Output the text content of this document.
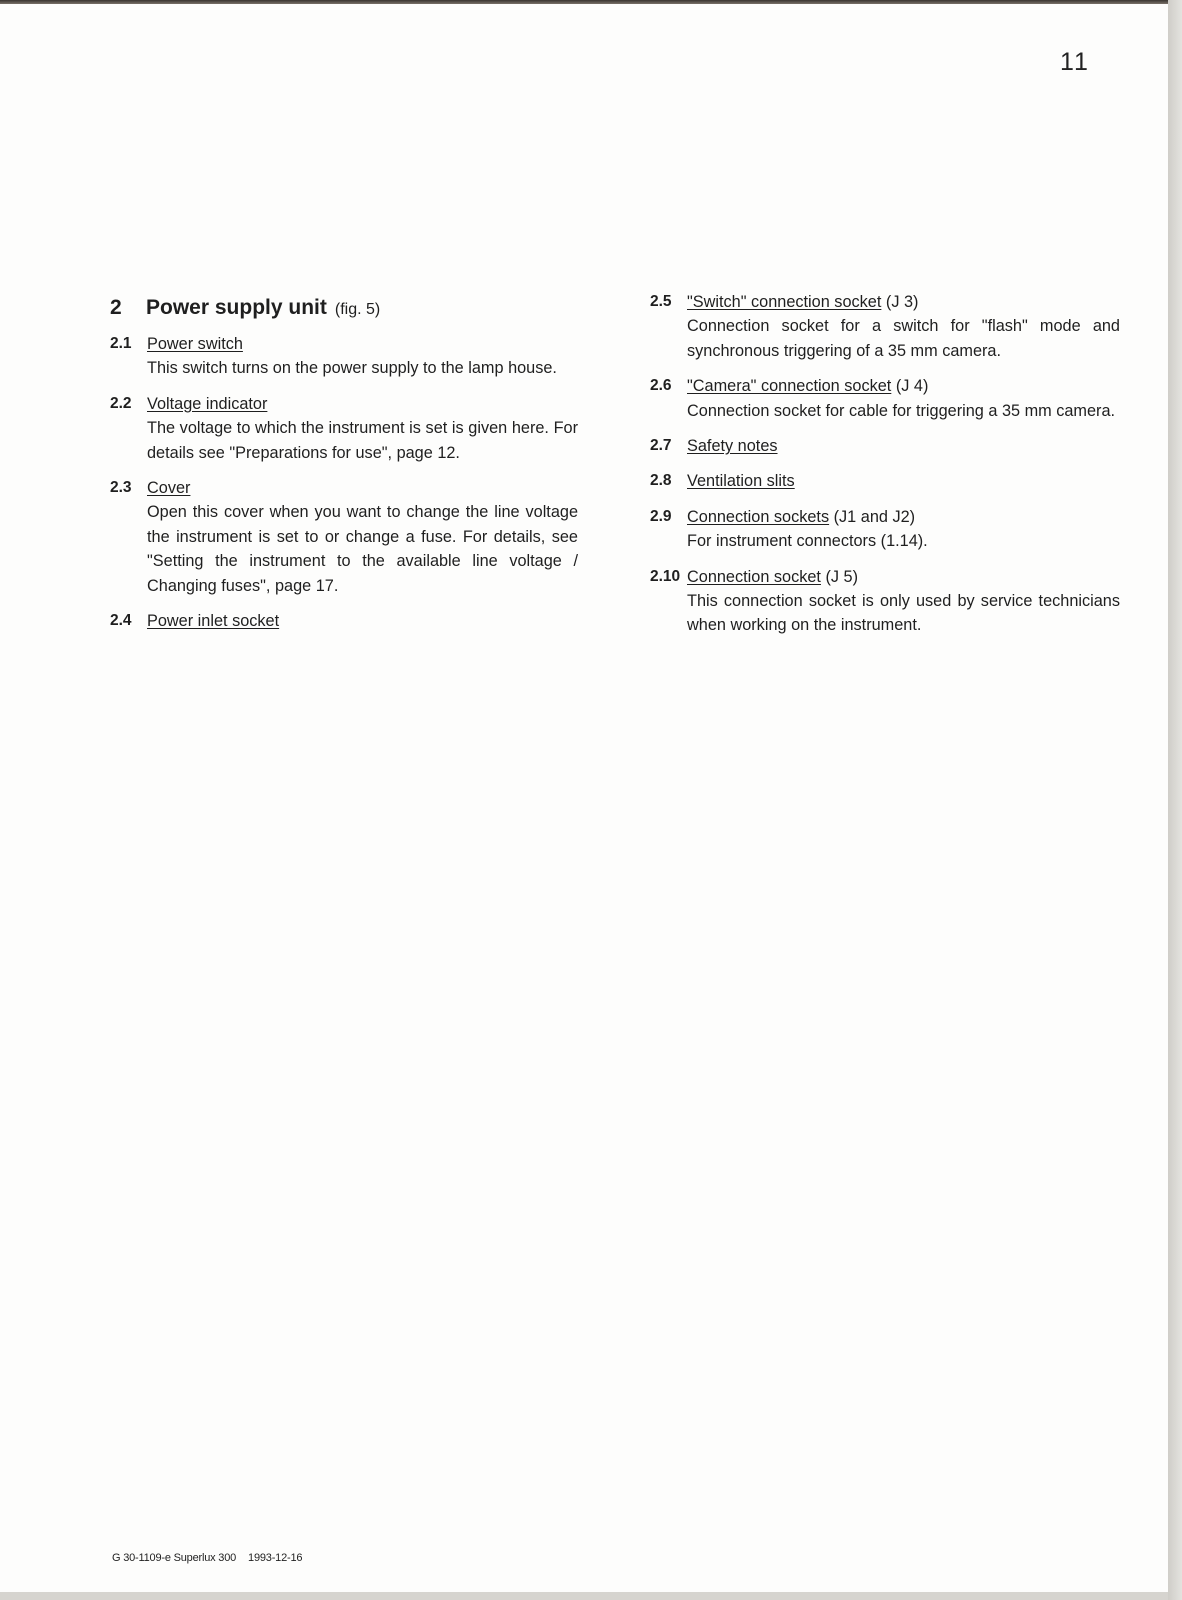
11
2	Power supply unit (fig. 5)
2.1 Power switch

This switch turns on the power supply to the lamp house.

2.2 Voltage indicator

The voltage to which the instrument is set is given here. For details see "Preparations for use", page 12.

2.3 Cover

Open this cover when you want to change the line voltage the instrument is set to or change a fuse. For details, see "Setting the instrument to the available line voltage / Changing fuses", page 17.

2.4 Power inlet socket

2.5 "Switch" connection socket (J 3)

Connection socket for a switch for "flash" mode and synchronous triggering of a 35 mm camera.

2.6 "Camera" connection socket (J 4)

Connection socket for cable for triggering a 35 mm camera.

2.7 Safety notes

2.8 Ventilation slits

2.9 Connection sockets (J1 and J2)

For instrument connectors (1.14).

2.10 Connection socket (J 5)

This connection socket is only used by service technicians when working on the instrument.

G 30-1109-e Superlux 300 1993-12-16
